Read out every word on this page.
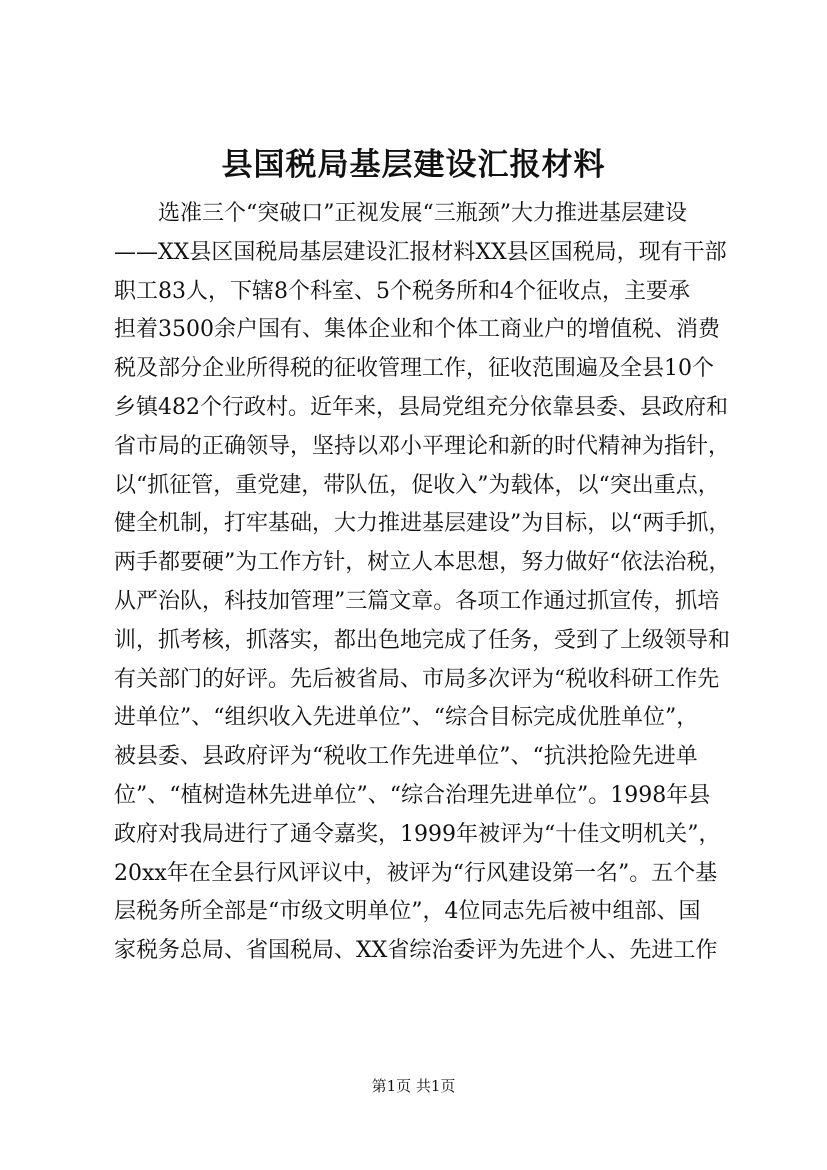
县国税局基层建设汇报材料
选准三个“突破口”正视发展“三瓶颈”大力推进基层建设
——XX县区国税局基层建设汇报材料XX县区国税局，现有干部
职工83人，下辖8个科室、5个税务所和4个征收点，主要承
担着3500余户国有、集体企业和个体工商业户的增值税、消费
税及部分企业所得税的征收管理工作，征收范围遍及全县10个
乡镇482个行政村。近年来，县局党组充分依靠县委、县政府和
省市局的正确领导，坚持以邓小平理论和新的时代精神为指针，
以“抓征管，重党建，带队伍，促收入”为载体，以“突出重点，
健全机制，打牢基础，大力推进基层建设”为目标，以“两手抓，
两手都要硬”为工作方针，树立人本思想，努力做好“依法治税，
从严治队，科技加管理”三篇文章。各项工作通过抓宣传，抓培
训，抓考核，抓落实，都出色地完成了任务，受到了上级领导和
有关部门的好评。先后被省局、市局多次评为“税收科研工作先
进单位”、“组织收入先进单位”、“综合目标完成优胜单位”，
被县委、县政府评为“税收工作先进单位”、“抗洪抢险先进单
位”、“植树造林先进单位”、“综合治理先进单位”。1998年县
政府对我局进行了通令嘉奖，1999年被评为“十佳文明机关”，
20xx年在全县行风评议中，被评为“行风建设第一名”。五个基
层税务所全部是“市级文明单位”，4位同志先后被中组部、国
家税务总局、省国税局、XX省综治委评为先进个人、先进工作
第1页 共1页
